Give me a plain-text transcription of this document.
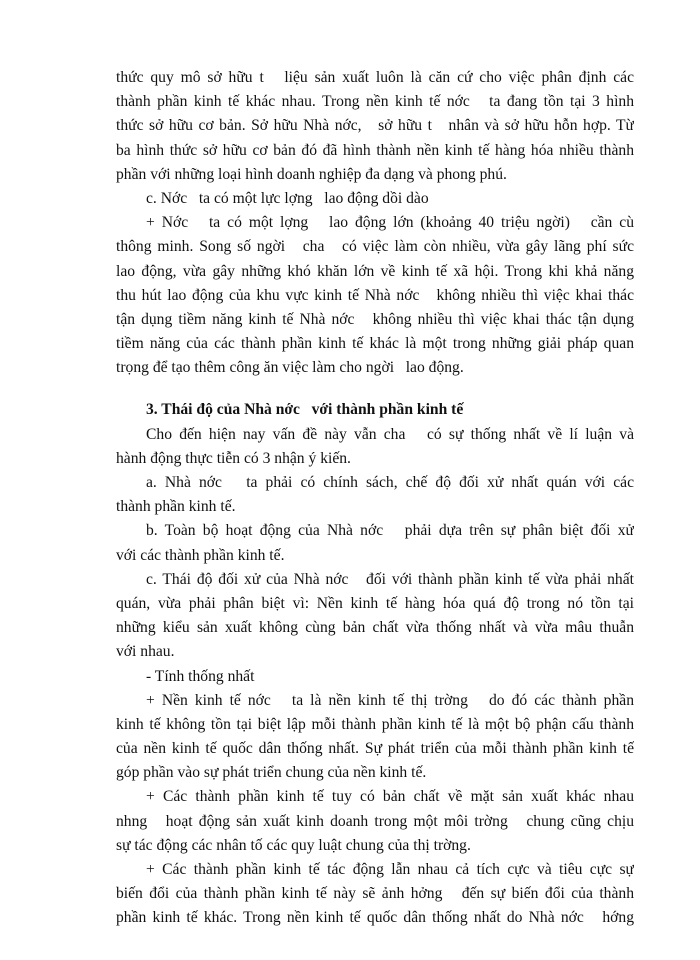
thức quy mô sở hữu t   liệu sản xuất luôn là căn cứ cho việc phân định các
thành phần kinh tế khác nhau. Trong nền kinh tế nớc   ta đang tồn tại 3 hình
thức sở hữu cơ bản. Sở hữu Nhà nớc,   sở hữu t   nhân và sở hữu hỗn hợp. Từ
ba hình thức sở hữu cơ bản đó đã hình thành nền kinh tế hàng hóa nhiều thành
phần với những loại hình doanh nghiệp đa dạng và phong phú.
c. Nớc   ta có một lực lợng   lao động dồi dào
+ Nớc   ta có một lợng   lao động lớn (khoảng 40 triệu ngời)   cần cù
thông minh. Song số ngời   cha   có việc làm còn nhiều, vừa gây lãng phí sức
lao động, vừa gây những khó khăn lớn về kinh tế xã hội. Trong khi khả năng
thu hút lao động của khu vực kinh tế Nhà nớc   không nhiều thì việc khai thác
tận dụng tiềm năng kinh tế Nhà nớc   không nhiều thì việc khai thác tận dụng
tiềm năng của các thành phần kinh tế khác là một trong những giải pháp quan
trọng để tạo thêm công ăn việc làm cho ngời   lao động.
3. Thái độ của Nhà nớc   với thành phần kinh tế
Cho đến hiện nay vấn đề này vẫn cha   có sự thống nhất về lí luận và
hành động thực tiễn có 3 nhận ý kiến.
a. Nhà nớc   ta phải có chính sách, chế độ đối xử nhất quán với các
thành phần kinh tế.
b. Toàn bộ hoạt động của Nhà nớc   phải dựa trên sự phân biệt đối xử
với các thành phần kinh tế.
c. Thái độ đối xử của Nhà nớc   đối với thành phần kinh tế vừa phải nhất
quán, vừa phải phân biệt vì: Nền kinh tế hàng hóa quá độ trong nó tồn tại
những kiểu sản xuất không cùng bản chất vừa thống nhất và vừa mâu thuẫn
với nhau.
- Tính thống nhất
+ Nền kinh tế nớc   ta là nền kinh tế thị trờng   do đó các thành phần
kinh tế không tồn tại biệt lập mỗi thành phần kinh tế là một bộ phận cấu thành
của nền kinh tế quốc dân thống nhất. Sự phát triển của mỗi thành phần kinh tế
góp phần vào sự phát triển chung của nền kinh tế.
+ Các thành phần kinh tế tuy có bản chất về mặt sản xuất khác nhau
nhng   hoạt động sản xuất kinh doanh trong một môi trờng   chung cũng chịu
sự tác động các nhân tố các quy luật chung của thị trờng.
+ Các thành phần kinh tế tác động lẫn nhau cả tích cực và tiêu cực sự
biến đổi của thành phần kinh tế này sẽ ảnh hởng   đến sự biến đổi của thành
phần kinh tế khác. Trong nền kinh tế quốc dân thống nhất do Nhà nớc   hớng
